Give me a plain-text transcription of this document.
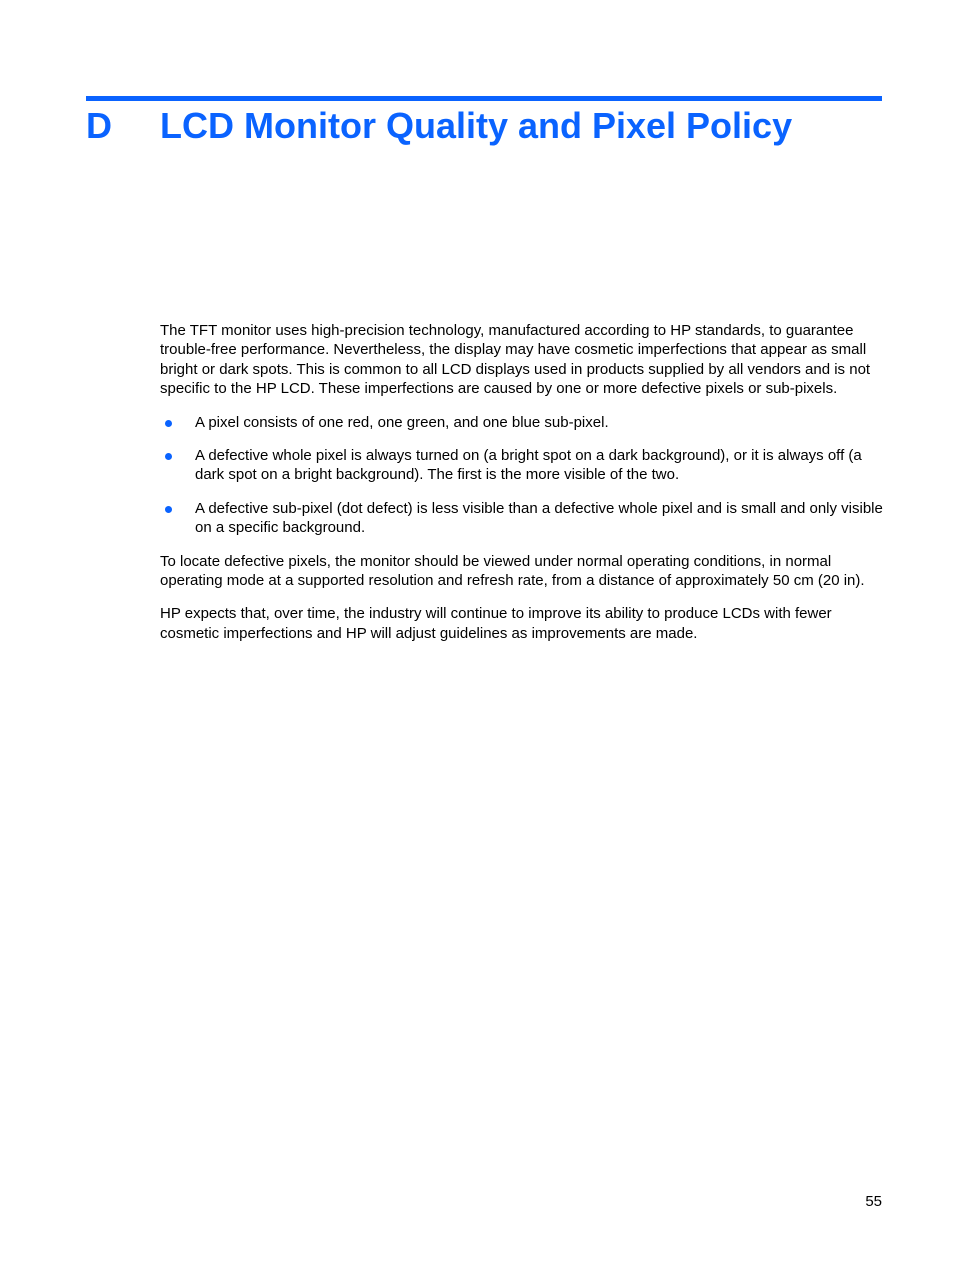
D LCD Monitor Quality and Pixel Policy

The TFT monitor uses high-precision technology, manufactured according to HP standards, to guarantee trouble-free performance. Nevertheless, the display may have cosmetic imperfections that appear as small bright or dark spots. This is common to all LCD displays used in products supplied by all vendors and is not specific to the HP LCD. These imperfections are caused by one or more defective pixels or sub-pixels.

A pixel consists of one red, one green, and one blue sub-pixel.
A defective whole pixel is always turned on (a bright spot on a dark background), or it is always off (a dark spot on a bright background). The first is the more visible of the two.
A defective sub-pixel (dot defect) is less visible than a defective whole pixel and is small and only visible on a specific background.

To locate defective pixels, the monitor should be viewed under normal operating conditions, in normal operating mode at a supported resolution and refresh rate, from a distance of approximately 50 cm (20 in).

HP expects that, over time, the industry will continue to improve its ability to produce LCDs with fewer cosmetic imperfections and HP will adjust guidelines as improvements are made.

55
